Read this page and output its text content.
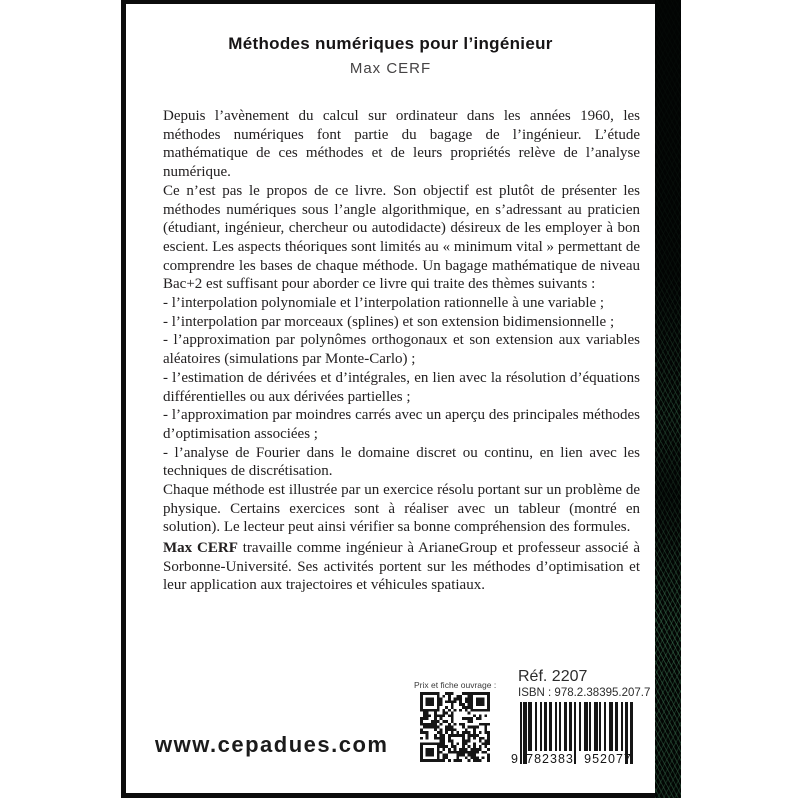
Méthodes numériques pour l’ingénieur
Max CERF

Depuis l’avènement du calcul sur ordinateur dans les années 1960, les méthodes numériques font partie du bagage de l’ingénieur. L’étude mathématique de ces méthodes et de leurs propriétés relève de l’analyse numérique.

Ce n’est pas le propos de ce livre. Son objectif est plutôt de présenter les méthodes numériques sous l’angle algorithmique, en s’adressant au praticien (étudiant, ingénieur, chercheur ou autodidacte) désireux de les employer à bon escient. Les aspects théoriques sont limités au « minimum vital » permettant de comprendre les bases de chaque méthode. Un bagage mathématique de niveau Bac+2 est suffisant pour aborder ce livre qui traite des thèmes suivants :

- l’interpolation polynomiale et l’interpolation rationnelle à une variable ;

- l’interpolation par morceaux (splines) et son extension bidimensionnelle ;

- l’approximation par polynômes orthogonaux et son extension aux variables aléatoires (simulations par Monte-Carlo) ;

- l’estimation de dérivées et d’intégrales, en lien avec la résolution d’équations différentielles ou aux dérivées partielles ;

- l’approximation par moindres carrés avec un aperçu des principales méthodes d’optimisation associées ;

- l’analyse de Fourier dans le domaine discret ou continu, en lien avec les techniques de discrétisation.

Chaque méthode est illustrée par un exercice résolu portant sur un problème de physique. Certains exercices sont à réaliser avec un tableur (montré en solution). Le lecteur peut ainsi vérifier sa bonne compréhension des formules.

Max CERF travaille comme ingénieur à ArianeGroup et professeur associé à Sorbonne-Université. Ses activités portent sur les méthodes d’optimisation et leur application aux trajectoires et véhicules spatiaux.

www.cepadues.com
Prix et fiche ouvrage : Réf. 2207
ISBN : 978.2.38395.207.7
9 782383 952077
